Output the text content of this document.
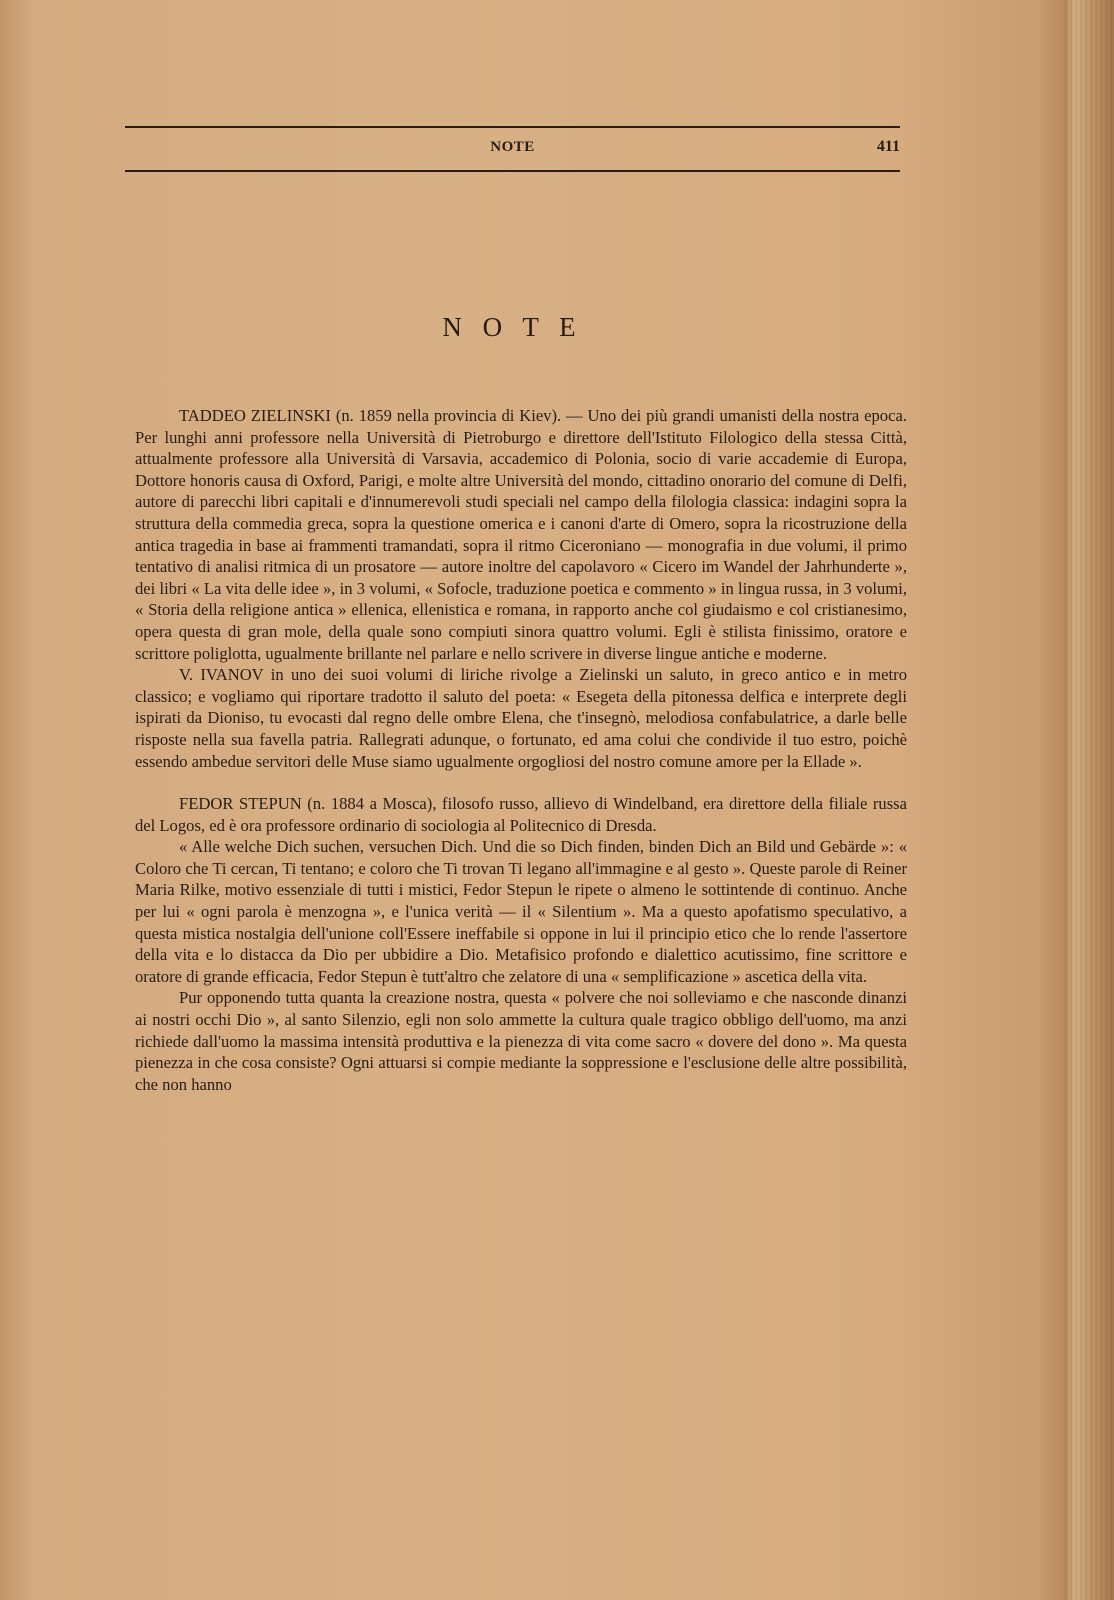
NOTE	411
N O T E

TADDEO ZIELINSKI (n. 1859 nella provincia di Kiev). — Uno dei più grandi umanisti della nostra epoca. Per lunghi anni professore nella Università di Pietroburgo e direttore dell'Istituto Filologico della stessa Città, attualmente professore alla Università di Varsavia, accademico di Polonia, socio di varie accademie di Europa, Dottore honoris causa di Oxford, Parigi, e molte altre Università del mondo, cittadino onorario del comune di Delfi, autore di parecchi libri capitali e d'innumerevoli studi speciali nel campo della filologia classica: indagini sopra la struttura della commedia greca, sopra la questione omerica e i canoni d'arte di Omero, sopra la ricostruzione della antica tragedia in base ai frammenti tramandati, sopra il ritmo Ciceroniano — monografia in due volumi, il primo tentativo di analisi ritmica di un prosatore — autore inoltre del capolavoro « Cicero im Wandel der Jahrhunderte », dei libri « La vita delle idee », in 3 volumi, « Sofocle, traduzione poetica e commento » in lingua russa, in 3 volumi, « Storia della religione antica » ellenica, ellenistica e romana, in rapporto anche col giudaismo e col cristianesimo, opera questa di gran mole, della quale sono compiuti sinora quattro volumi. Egli è stilista finissimo, oratore e scrittore poliglotta, ugualmente brillante nel parlare e nello scrivere in diverse lingue antiche e moderne.

V. IVANOV in uno dei suoi volumi di liriche rivolge a Zielinski un saluto, in greco antico e in metro classico; e vogliamo qui riportare tradotto il saluto del poeta: « Esegeta della pitonessa delfica e interprete degli ispirati da Dioniso, tu evocasti dal regno delle ombre Elena, che t'insegnò, melodiosa confabulatrice, a darle belle risposte nella sua favella patria. Rallegrati adunque, o fortunato, ed ama colui che condivide il tuo estro, poichè essendo ambedue servitori delle Muse siamo ugualmente orgogliosi del nostro comune amore per la Ellade ».

FEDOR STEPUN (n. 1884 a Mosca), filosofo russo, allievo di Windelband, era direttore della filiale russa del Logos, ed è ora professore ordinario di sociologia al Politecnico di Dresda.

« Alle welche Dich suchen, versuchen Dich. Und die so Dich finden, binden Dich an Bild und Gebärde »: « Coloro che Ti cercan, Ti tentano; e coloro che Ti trovan Ti legano all'immagine e al gesto ». Queste parole di Reiner Maria Rilke, motivo essenziale di tutti i mistici, Fedor Stepun le ripete o almeno le sottintende di continuo. Anche per lui « ogni parola è menzogna », e l'unica verità — il « Silentium ». Ma a questo apofatismo speculativo, a questa mistica nostalgia dell'unione coll'Essere ineffabile si oppone in lui il principio etico che lo rende l'assertore della vita e lo distacca da Dio per ubbidire a Dio. Metafisico profondo e dialettico acutissimo, fine scrittore e oratore di grande efficacia, Fedor Stepun è tutt'altro che zelatore di una « semplificazione » ascetica della vita.

Pur opponendo tutta quanta la creazione nostra, questa « polvere che noi solleviamo e che nasconde dinanzi ai nostri occhi Dio », al santo Silenzio, egli non solo ammette la cultura quale tragico obbligo dell'uomo, ma anzi richiede dall'uomo la massima intensità produttiva e la pienezza di vita come sacro « dovere del dono ». Ma questa pienezza in che cosa consiste? Ogni attuarsi si compie mediante la soppressione e l'esclusione delle altre possibilità, che non hanno
